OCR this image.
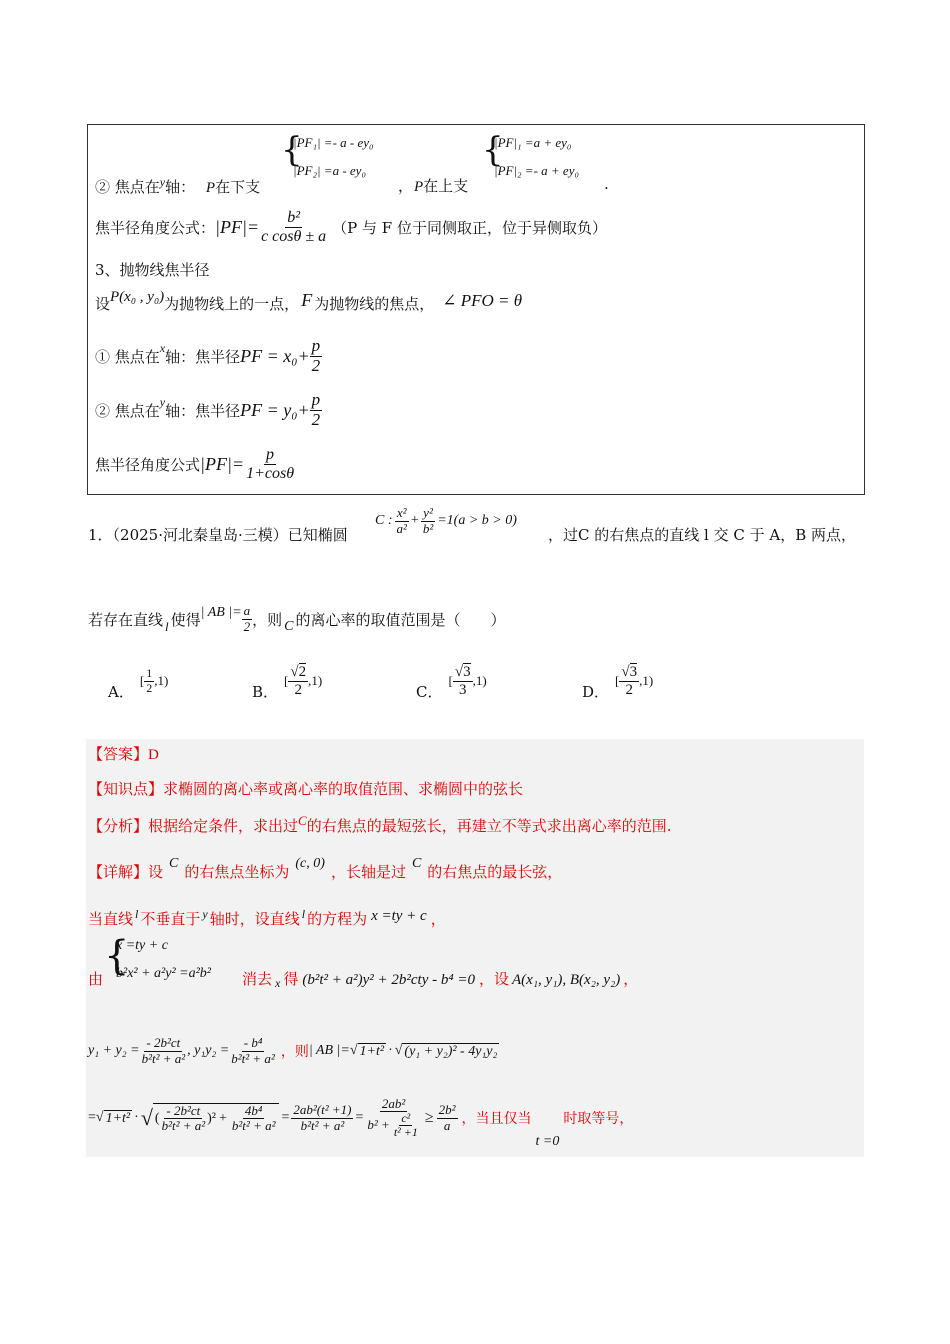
② 焦点在$^y$轴： P在下支
{
|PF₁| =- a - ey₀
|PF₂| =a - ey₀
， P在上支
{
|PF|₁ =a + ey₀
|PF|₂ =- a + ey₀
.
焦半径角度公式： $|PF|= \frac{\text{b²}}{\text{c cosθ ± a}} (P$ 与 F 位于同侧取正，位于异侧取负）
3、抛物线焦半径
设 P(x₀ , y₀) 为抛物线上的一点， F 为抛物线的焦点， ∠ PFO = θ
① 焦点在$^x$ 轴：焦半径 PF = $x_0+ \frac{p}{2}$
② 焦点在$^y$ 轴：焦半径 PF = $y_0+ \frac{p}{2}$
焦半径角度公式 $|PF|= \frac{p}{1+\cos\theta}$
1．（2025·河北秦皇岛·三模）已知椭圆
C : $\frac{\text{x²}}{\text{a²}} + \frac{\text{y²}}{\text{b²}} =1(a > b > 0)$
，过C 的右焦点的直线 l 交 C 于 A，B 两点，
若存在直线 l 使得 | AB |= $\frac{a}{2}$ ，则 C 的离心率的取值范围是（　　）
A．
[ $\frac{1}{2} ,1$)
B．
[ $\frac{√2}{2} ,1$)
C．
[ $\frac{√3}{3} ,1$)
D．
[ $\frac{√3}{2} ,1$)
【答案】D
【知识点】求椭圆的离心率或离心率的取值范围、求椭圆中的弦长
【分析】根据给定条件，求出过$^C$的右焦点的最短弦长，再建立不等式求出离心率的范围.
【详解】设 $^C$ 的右焦点坐标为 $^{(c, 0)}$ ，长轴是过 $^C$ 的右焦点的最长弦，
当直线 $^l$ 不垂直于 $^y$ 轴时，设直线 $^l$ 的方程为 x =ty + c ，
由 {
x =ty + c
b²x² + a²y² =a²b² 消去 $_x$ 得 (b²t² + a²)y² + 2b²cty - b⁴ =0 ，设 A(x₁, y₁), B(x₂, y₂) ，
$y_1 + y_2 = \frac{\text{- 2b²ct}}{\text{b²t² + a²}}$ , $y_1y_2 = \frac{\text{- b⁴}}{\text{b²t² + a²}}$ ，则 | AB |= √ 1+t² · √ (y₁ + y₂)² - 4y₁y₂
= √ 1+t² · √ ( $\frac{\text{- 2b²ct}}{\text{b²t² + a²}} )^2 + \frac{\text{4b⁴}}{\text{b²t² + a²}} = \frac{\text{2ab²(t² +1)}}{\text{b²t² + a²}} = \frac{\text{2ab²}}{b^2 + \frac{\text{c²}}{\text{t² +1}}} \ge \frac{\text{2b²}}{a}$ ，当且仅当
t =0
时取等号，
